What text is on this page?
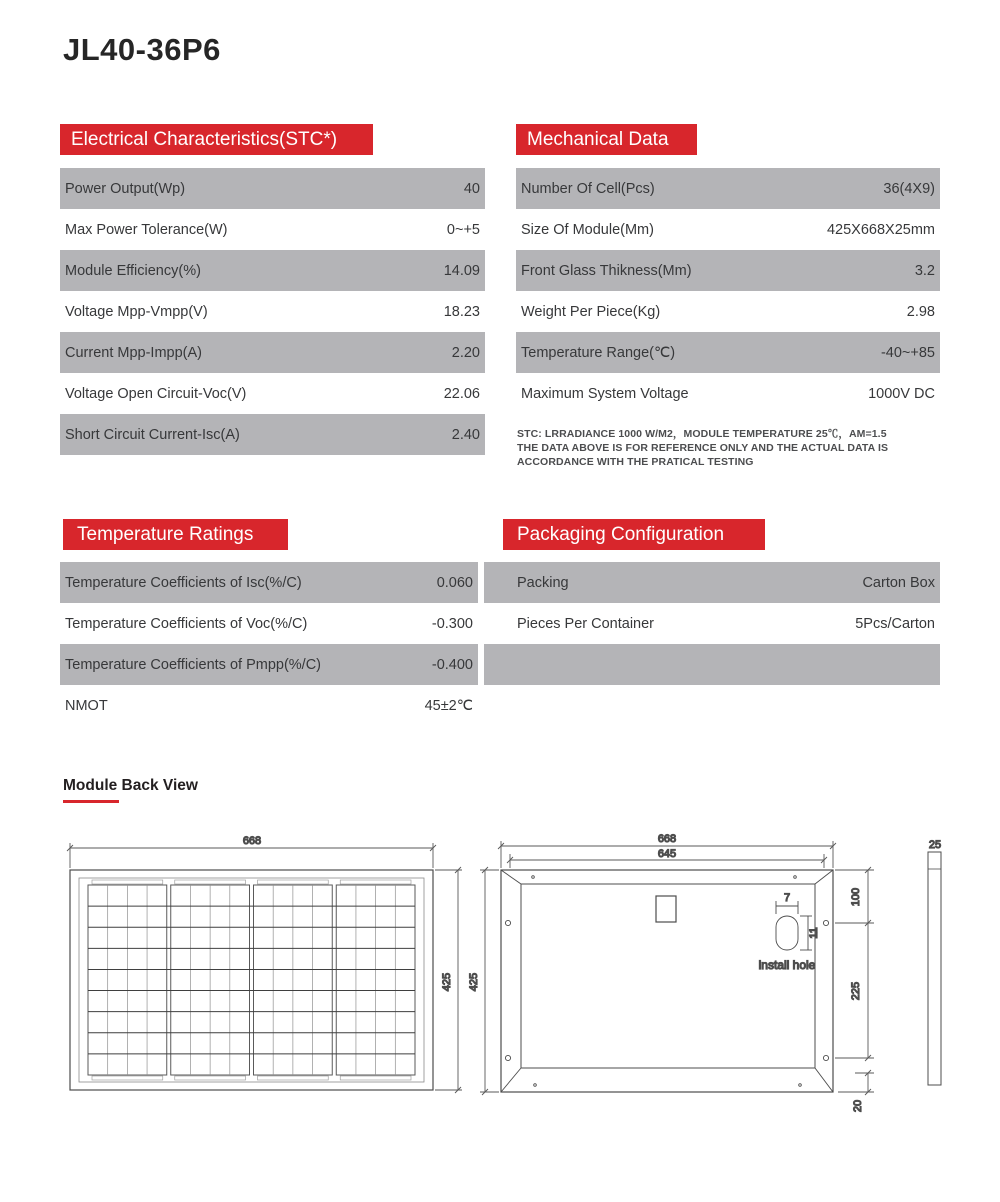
JL40-36P6
Electrical Characteristics(STC*)	Mechanical Data
Power Output(Wp)	40
Max Power Tolerance(W)	0~+5
Module Efficiency(%)	14.09
Voltage Mpp-Vmpp(V)	18.23
Current Mpp-Impp(A)	2.20
Voltage Open Circuit-Voc(V)	22.06
Short Circuit Current-Isc(A)	2.40
Number Of Cell(Pcs)	36(4X9)
Size Of Module(Mm)	425X668X25mm
Front Glass Thikness(Mm)	3.2
Weight Per Piece(Kg)	2.98
Temperature Range(℃)	-40~+85
Maximum System Voltage	1000V DC
STC: LRRADIANCE 1000 W/M2，MODULE TEMPERATURE 25℃，AM=1.5
THE DATA ABOVE IS FOR REFERENCE ONLY AND THE ACTUAL DATA IS
ACCORDANCE WITH THE PRATICAL TESTING
Temperature Ratings	Packaging Configuration
Temperature Coefficients of Isc(%/C)	0.060
Temperature Coefficients of Voc(%/C)	-0.300
Temperature Coefficients of Pmpp(%/C)	-0.400
NMOT	45±2℃
Packing	Carton Box
Pieces Per Container	5Pcs/Carton
Module Back View
668
425
668
645
425
100
225
20
7
11
install hole
25
